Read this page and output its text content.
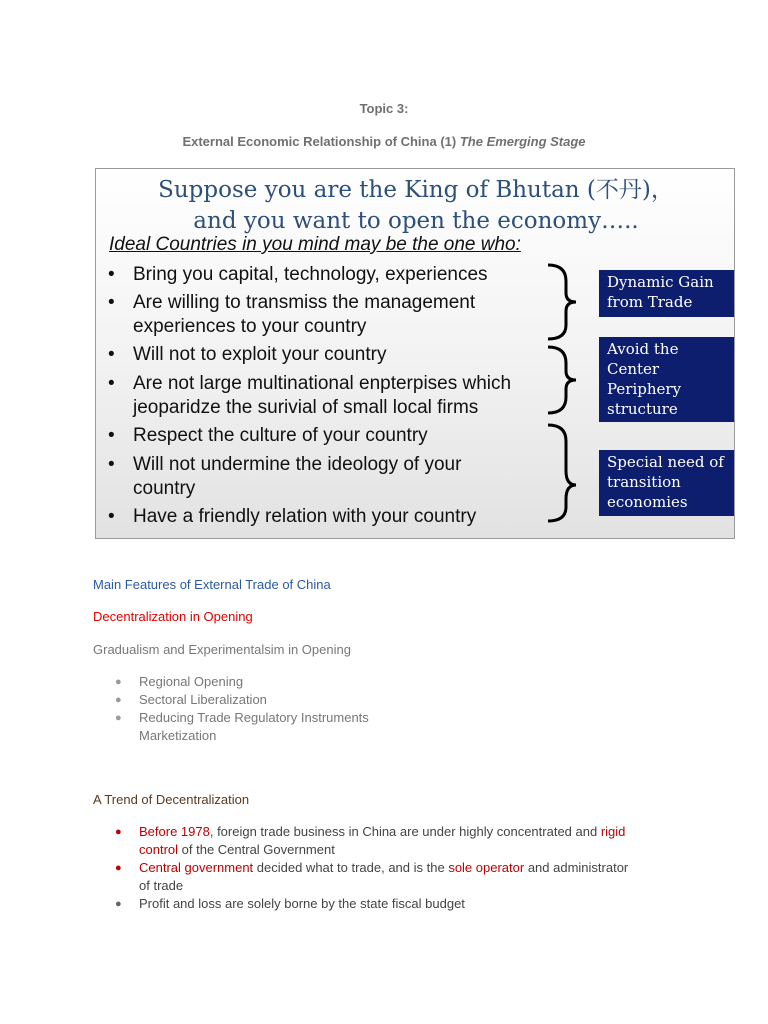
Topic 3:
External Economic Relationship of China (1) The Emerging Stage
Suppose you are the King of Bhutan (不丹)，
and you want to open the economy…..
Ideal Countries in you mind may be the one who:
• Bring you capital, technology, experiences
• Are willing to transmiss the management
experiences to your country
• Will not to exploit your country
• Are not large multinational enpterpises which
jeoparidze the surivial of small local firms
• Respect the culture of your country
• Will not undermine the ideology of your
country
• Have a friendly relation with your country
Dynamic Gain
from Trade
Avoid the
Center
Periphery
structure
Special need of
transition
economies
Main Features of External Trade of China
Decentralization in Opening
Gradualism and Experimentalsim in Opening
● Regional Opening
● Sectoral Liberalization
● Reducing Trade Regulatory Instruments
Marketization
A Trend of Decentralization
● Before 1978, foreign trade business in China are under highly concentrated and rigid
control of the Central Government
● Central government decided what to trade, and is the sole operator and administrator
of trade
● Profit and loss are solely borne by the state fiscal budget
